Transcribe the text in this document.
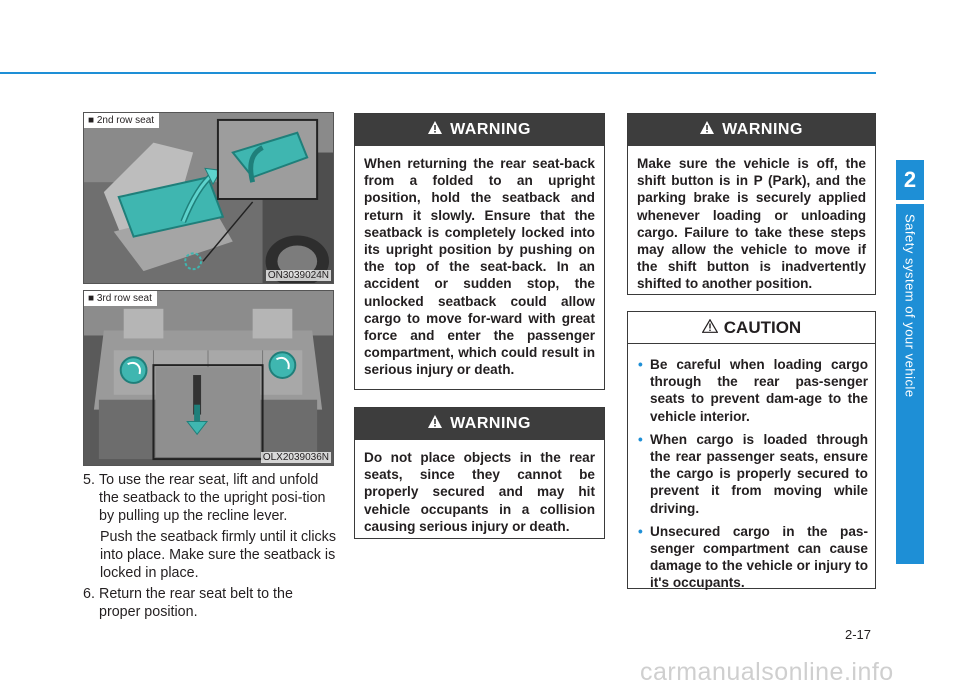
2
Safety system of your vehicle
■ 2nd row seat
ON3039024N
■ 3rd row seat
OLX2039036N
5. To use the rear seat, lift and unfold the seatback to the upright posi-tion by pulling up the recline lever.
Push the seatback firmly until it clicks into place. Make sure the seatback is locked in place.
6. Return the rear seat belt to the proper position.
WARNING
When returning the rear seat-back from a folded to an upright position, hold the seatback and return it slowly. Ensure that the seatback is completely locked into its upright position by pushing on the top of the seat-back. In an accident or sudden stop, the unlocked seatback could allow cargo to move for-ward with great force and enter the passenger compartment, which could result in serious injury or death.
WARNING
Do not place objects in the rear seats, since they cannot be properly secured and may hit vehicle occupants in a collision causing serious injury or death.
WARNING
Make sure the vehicle is off, the shift button is in P (Park), and the parking brake is securely applied whenever loading or unloading cargo. Failure to take these steps may allow the vehicle to move if the shift button is inadvertently shifted to another position.
CAUTION
• Be careful when loading cargo through the rear pas-senger seats to prevent dam-age to the vehicle interior.
• When cargo is loaded through the rear passenger seats, ensure the cargo is properly secured to prevent it from moving while driving.
• Unsecured cargo in the pas-senger compartment can cause damage to the vehicle or injury to it's occupants.
2-17
carmanualsonline.info
